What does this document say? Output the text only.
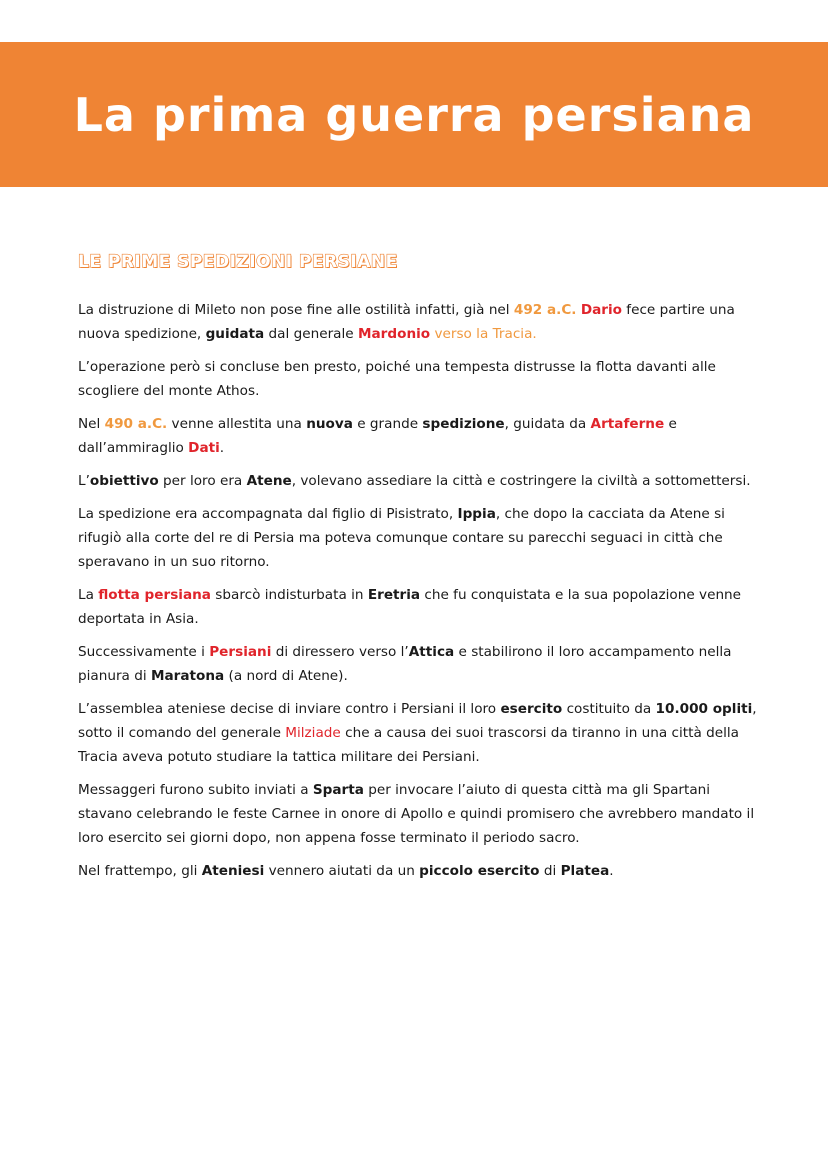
La prima guerra persiana
LE PRIME SPEDIZIONI PERSIANE

La distruzione di Mileto non pose fine alle ostilità infatti, già nel 492 a.C. Dario fece partire una nuova spedizione, guidata dal generale Mardonio verso la Tracia.

L’operazione però si concluse ben presto, poiché una tempesta distrusse la flotta davanti alle scogliere del monte Athos.

Nel 490 a.C. venne allestita una nuova e grande spedizione, guidata da Artaferne e dall’ammiraglio Dati.

L’obiettivo per loro era Atene, volevano assediare la città e costringere la civiltà a sottomettersi.

La spedizione era accompagnata dal figlio di Pisistrato, Ippia, che dopo la cacciata da Atene si rifugiò alla corte del re di Persia ma poteva comunque contare su parecchi seguaci in città che speravano in un suo ritorno.

La flotta persiana sbarcò indisturbata in Eretria che fu conquistata e la sua popolazione venne deportata in Asia.

Successivamente i Persiani di diressero verso l’Attica e stabilirono il loro accampamento nella pianura di Maratona (a nord di Atene).

L’assemblea ateniese decise di inviare contro i Persiani il loro esercito costituito da 10.000 opliti, sotto il comando del generale Milziade che a causa dei suoi trascorsi da tiranno in una città della Tracia aveva potuto studiare la tattica militare dei Persiani.

Messaggeri furono subito inviati a Sparta per invocare l’aiuto di questa città ma gli Spartani stavano celebrando le feste Carnee in onore di Apollo e quindi promisero che avrebbero mandato il loro esercito sei giorni dopo, non appena fosse terminato il periodo sacro.

Nel frattempo, gli Ateniesi vennero aiutati da un piccolo esercito di Platea.
